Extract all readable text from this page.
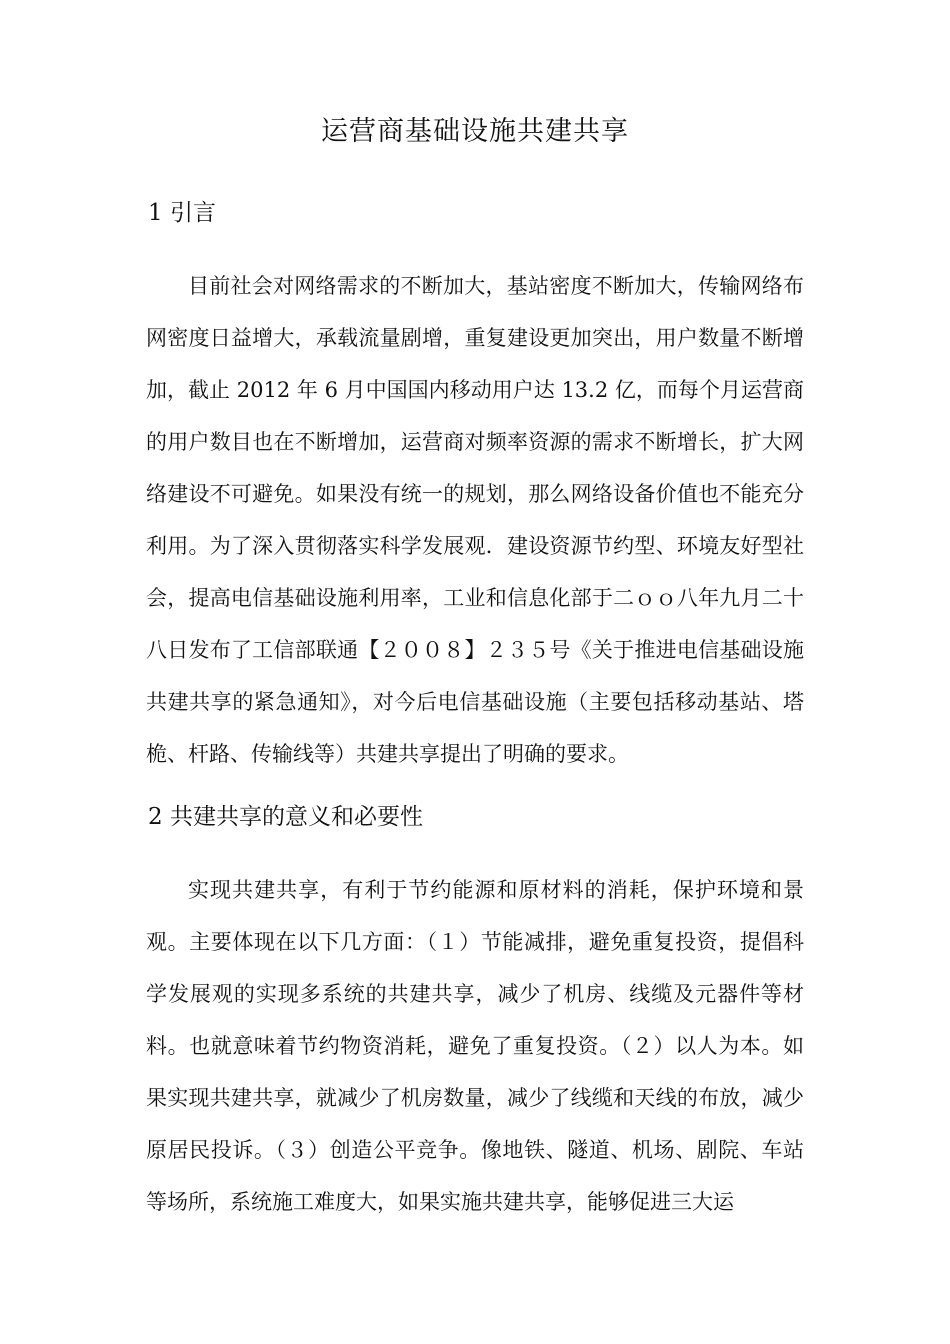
运营商基础设施共建共享
1 引言

目前社会对网络需求的不断加大，基站密度不断加大，传输网络布网密度日益增大，承载流量剧增，重复建设更加突出，用户数量不断增加，截止 2012 年 6 月中国国内移动用户达 13.2 亿，而每个月运营商的用户数目也在不断增加，运营商对频率资源的需求不断增长，扩大网络建设不可避免。如果没有统一的规划，那么网络设备价值也不能充分利用。为了深入贯彻落实科学发展观．建设资源节约型、环境友好型社会，提高电信基础设施利用率，工业和信息化部于二ｏｏ八年九月二十八日发布了工信部联通【２００８】２３５号《关于推进电信基础设施共建共享的紧急通知》，对今后电信基础设施（主要包括移动基站、塔桅、杆路、传输线等）共建共享提出了明确的要求。

2 共建共享的意义和必要性

实现共建共享，有利于节约能源和原材料的消耗，保护环境和景观。主要体现在以下几方面：（１）节能减排，避免重复投资，提倡科学发展观的实现多系统的共建共享，减少了机房、线缆及元器件等材料。也就意味着节约物资消耗，避免了重复投资。（２）以人为本。如果实现共建共享，就减少了机房数量，减少了线缆和天线的布放，减少原居民投诉。（３）创造公平竞争。像地铁、隧道、机场、剧院、车站等场所，系统施工难度大，如果实施共建共享，能够促进三大运
